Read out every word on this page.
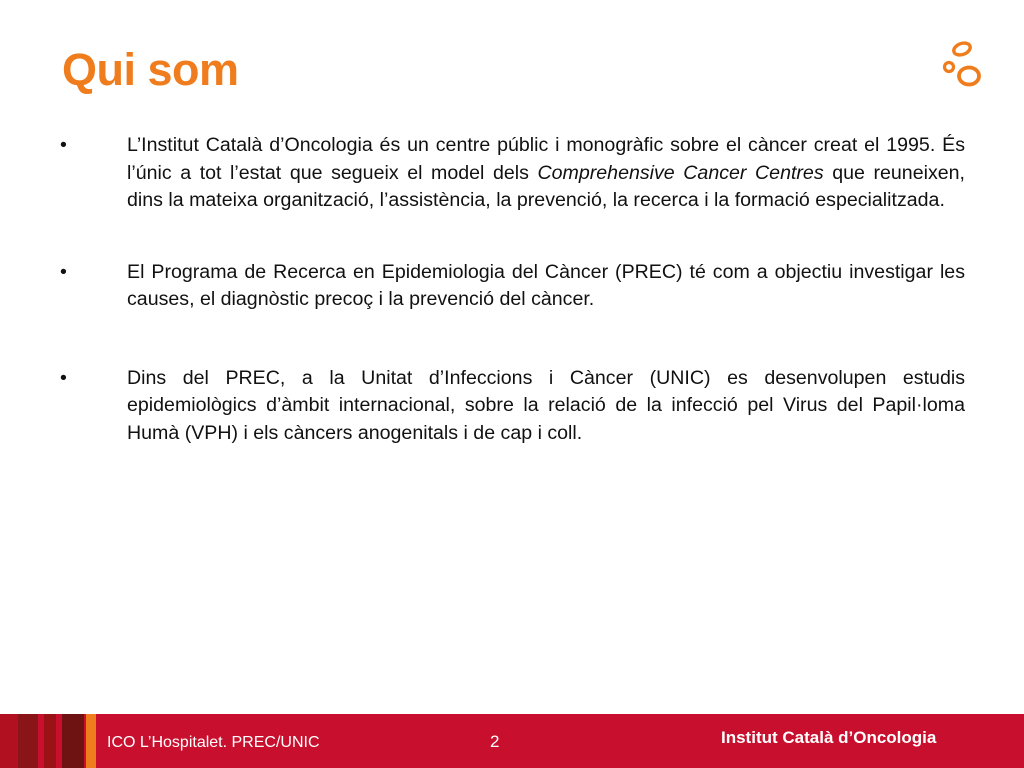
Qui som
•	L’Institut Català d’Oncologia és un centre públic i monogràfic sobre el càncer creat el 1995. És l’únic a tot l’estat que segueix el model dels Comprehensive Cancer Centres que reuneixen, dins la mateixa organització, l’assistència, la prevenció, la recerca i la formació especialitzada.
•	El Programa de Recerca en Epidemiologia del Càncer (PREC) té com a objectiu investigar les causes, el diagnòstic precoç i la prevenció del càncer.
•	Dins del PREC, a la Unitat d’Infeccions i Càncer (UNIC) es desenvolupen estudis epidemiològics d’àmbit internacional, sobre la relació de la infecció pel Virus del Papil·loma Humà (VPH) i els càncers anogenitals i de cap i coll.
ICO L’Hospitalet. PREC/UNIC	2	Institut Català d’Oncologia
